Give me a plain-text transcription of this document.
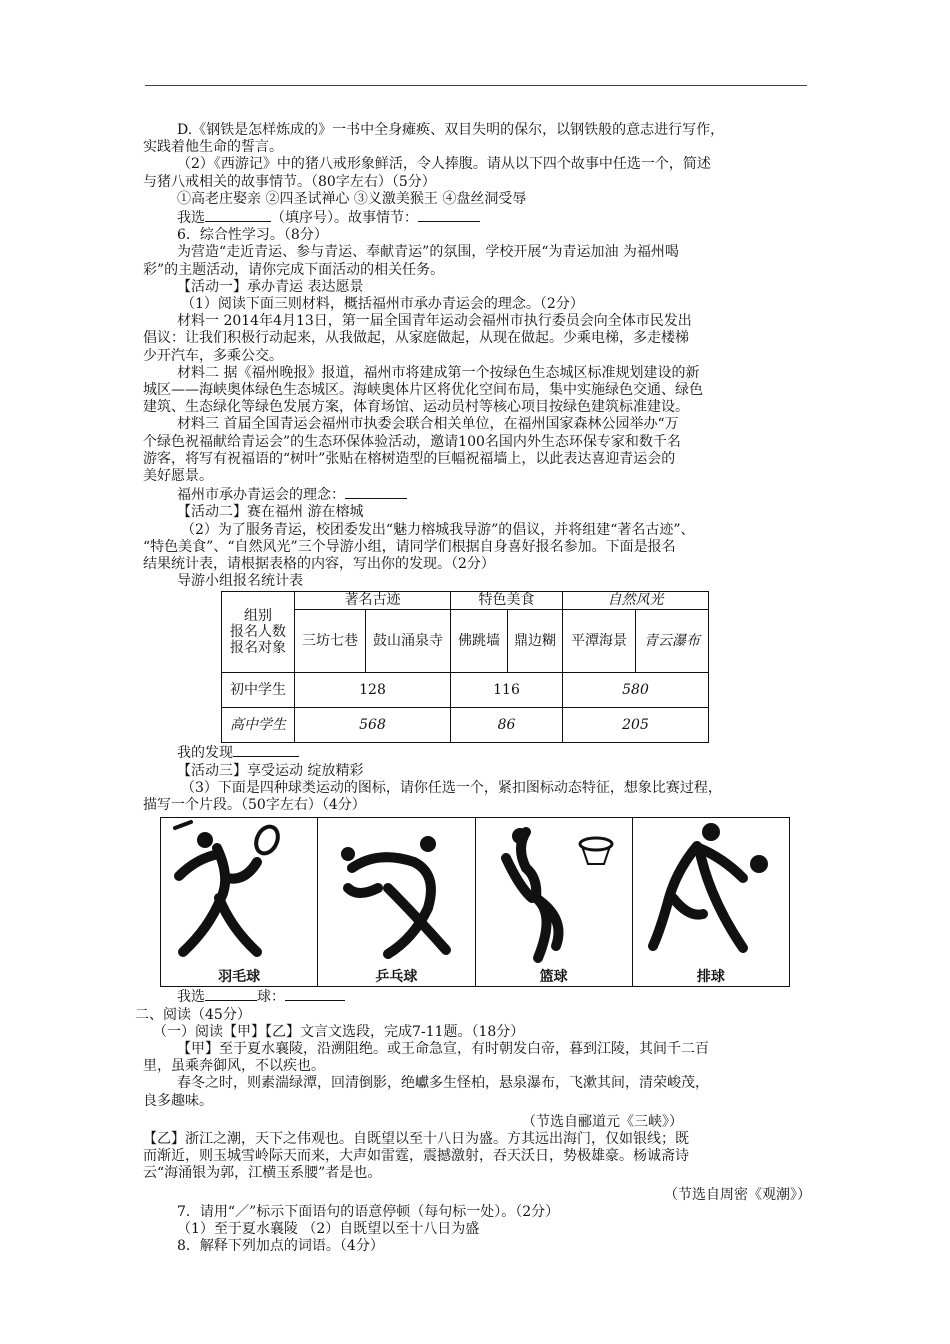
D.《钢铁是怎样炼成的》一书中全身瘫痪、双目失明的保尔，以钢铁般的意志进行写作，

实践着他生命的誓言。

（2）《西游记》中的猪八戒形象鲜活，令人捧腹。请从以下四个故事中任选一个，简述

与猪八戒相关的故事情节。（80字左右）（5分）

①高老庄娶亲 ②四圣试禅心 ③义激美猴王 ④盘丝洞受辱

我选	（填序号）。故事情节：

6．综合性学习。（8分）

为营造“走近青运、参与青运、奉献青运”的氛围，学校开展“为青运加油 为福州喝

彩”的主题活动，请你完成下面活动的相关任务。

【活动一】承办青运 表达愿景

（1）阅读下面三则材料，概括福州市承办青运会的理念。（2分）

材料一 2014年4月13日，第一届全国青年运动会福州市执行委员会向全体市民发出

倡议：让我们积极行动起来，从我做起，从家庭做起，从现在做起。少乘电梯，多走楼梯

少开汽车，多乘公交。

材料二 据《福州晚报》报道，福州市将建成第一个按绿色生态城区标准规划建设的新

城区——海峡奥体绿色生态城区。海峡奥体片区将优化空间布局，集中实施绿色交通、绿色

建筑、生态绿化等绿色发展方案，体育场馆、运动员村等核心项目按绿色建筑标准建设。

材料三 首届全国青运会福州市执委会联合相关单位，在福州国家森林公园举办“万

个绿色祝福献给青运会”的生态环保体验活动，邀请100名国内外生态环保专家和数千名

游客，将写有祝福语的“树叶”张贴在榕树造型的巨幅祝福墙上，以此表达喜迎青运会的

美好愿景。

福州市承办青运会的理念：

【活动二】赛在福州 游在榕城

（2）为了服务青运，校团委发出“魅力榕城我导游”的倡议，并将组建“著名古迹”、

“特色美食”、“自然风光”三个导游小组，请同学们根据自身喜好报名参加。下面是报名

结果统计表，请根据表格的内容，写出你的发现。（2分）

导游小组报名统计表

组别
报名人数
报名对象	著名古迹		特色美食		自然风光	
	三坊七巷	鼓山涌泉寺	佛跳墙	鼎边糊	平潭海景	青云瀑布
初中学生	128		116		580	
高中学生	568		86		205	

我的发现

【活动三】享受运动 绽放精彩

（3）下面是四种球类运动的图标，请你任选一个，紧扣图标动态特征，想象比赛过程，

描写一个片段。（50字左右）（4分）

羽毛球	乒乓球	篮球	排球

我选	球：

二、阅读（45分）

（一）阅读【甲】【乙】文言文选段，完成7-11题。（18分）

【甲】至于夏水襄陵，沿溯阻绝。或王命急宣，有时朝发白帝，暮到江陵，其间千二百

里，虽乘奔御风，不以疾也。

春冬之时，则素湍绿潭，回清倒影，绝巘多生怪柏，悬泉瀑布，飞漱其间，清荣峻茂，

良多趣味。

（节选自郦道元《三峡》）

【乙】浙江之潮，天下之伟观也。自既望以至十八日为盛。方其远出海门，仅如银线；既

而渐近，则玉城雪岭际天而来，大声如雷霆，震撼激射，吞天沃日，势极雄豪。杨诚斋诗

云“海涌银为郭，江横玉系腰”者是也。

（节选自周密《观潮》）

7．请用“／”标示下面语句的语意停顿（每句标一处）。（2分）

（1）至于夏水襄陵 （2）自既望以至十八日为盛

8．解释下列加点的词语。（4分）
